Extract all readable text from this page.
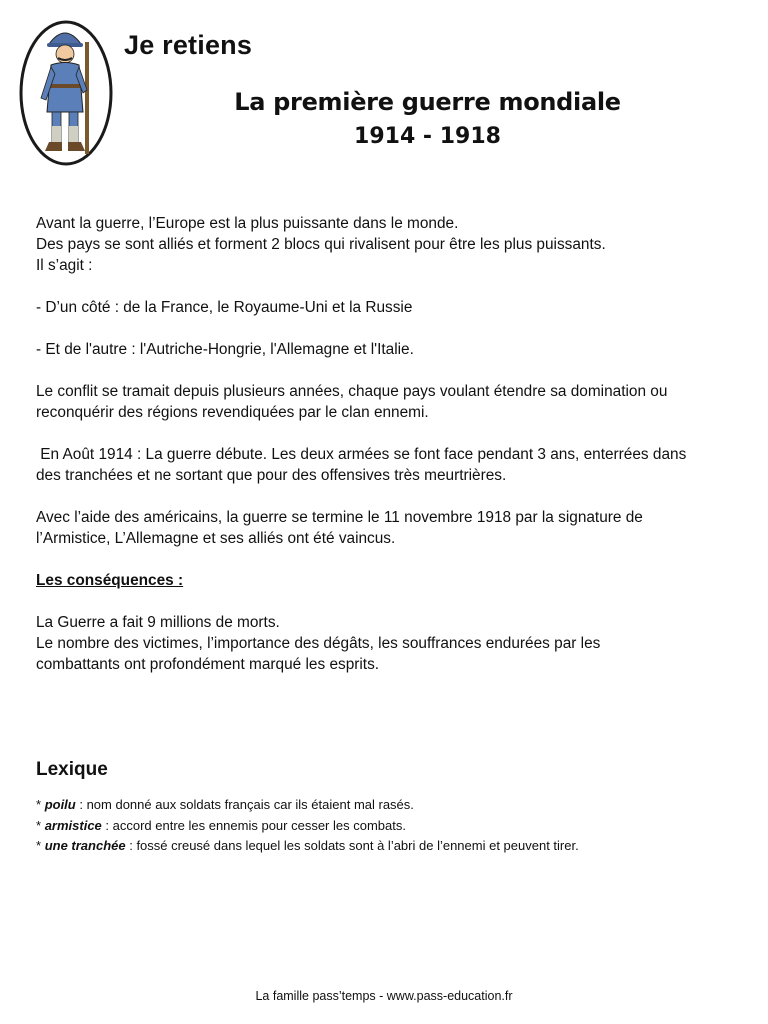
Je retiens
La première guerre mondiale
1914 - 1918

Avant la guerre, l’Europe est la plus puissante dans le monde.

Des pays se sont alliés et forment 2 blocs qui rivalisent pour être les plus puissants.

Il s’agit :

- D’un côté : de la France, le Royaume-Uni et la Russie

- Et de l'autre : l'Autriche-Hongrie, l'Allemagne et l'Italie.

Le conflit se tramait depuis plusieurs années, chaque pays voulant étendre sa domination ou

reconquérir des régions revendiquées par le clan ennemi.

En Août 1914 : La guerre débute. Les deux armées se font face pendant 3 ans, enterrées dans

des tranchées et ne sortant que pour des offensives très meurtrières.

Avec l’aide des américains, la guerre se termine le 11 novembre 1918 par la signature de

l’Armistice, L’Allemagne et ses alliés ont été vaincus.

Les conséquences :

La Guerre a fait 9 millions de morts.

Le nombre des victimes, l’importance des dégâts, les souffrances endurées par les

combattants ont profondément marqué les esprits.

Lexique

* poilu : nom donné aux soldats français car ils étaient mal rasés.

* armistice : accord entre les ennemis pour cesser les combats.

* une tranchée : fossé creusé dans lequel les soldats sont à l’abri de l’ennemi et peuvent tirer.

La famille pass’temps - www.pass-education.fr
